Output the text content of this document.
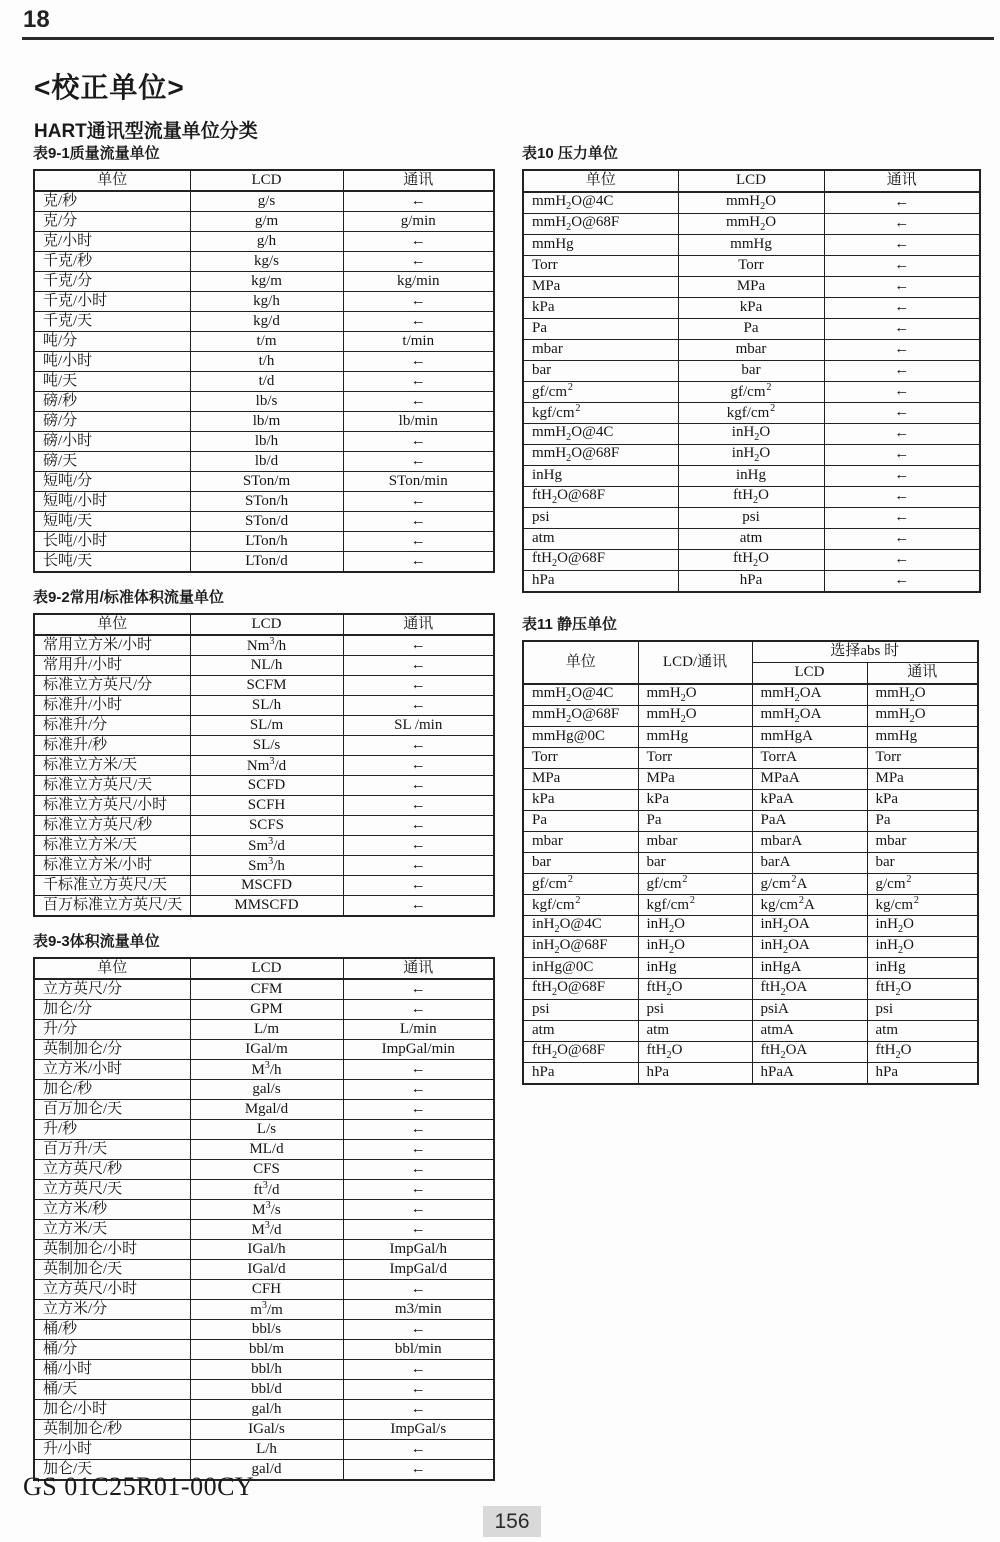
18
<校正单位>
HART通讯型流量单位分类
表9-1质量流量单位
单位	LCD	通讯
克/秒	g/s	←
克/分	g/m	g/min
克/小时	g/h	←
千克/秒	kg/s	←
千克/分	kg/m	kg/min
千克/小时	kg/h	←
千克/天	kg/d	←
吨/分	t/m	t/min
吨/小时	t/h	←
吨/天	t/d	←
磅/秒	lb/s	←
磅/分	lb/m	lb/min
磅/小时	lb/h	←
磅/天	lb/d	←
短吨/分	STon/m	STon/min
短吨/小时	STon/h	←
短吨/天	STon/d	←
长吨/小时	LTon/h	←
长吨/天	LTon/d	←
表9-2常用/标准体积流量单位
单位	LCD	通讯
常用立方米/小时	Nm$^3$/h	←
常用升/小时	NL/h	←
标准立方英尺/分	SCFM	←
标准升/小时	SL/h	←
标准升/分	SL/m	SL /min
标准升/秒	SL/s	←
标准立方米/天	Nm$^3$/d	←
标准立方英尺/天	SCFD	←
标准立方英尺/小时	SCFH	←
标准立方英尺/秒	SCFS	←
标准立方米/天	Sm$^3$/d	←
标准立方米/小时	Sm$^3$/h	←
千标准立方英尺/天	MSCFD	←
百万标准立方英尺/天	MMSCFD	←
表9-3体积流量单位
单位	LCD	通讯
立方英尺/分	CFM	←
加仑/分	GPM	←
升/分	L/m	L/min
英制加仑/分	IGal/m	ImpGal/min
立方米/小时	$M^3/h$	←
加仑/秒	gal/s	←
百万加仑/天	Mgal/d	←
升/秒	L/s	←
百万升/天	ML/d	←
立方英尺/秒	CFS	←
立方英尺/天	$ft^3/d$	←
立方米/秒	$M^3/s$	←
立方米/天	$M^3/d$	←
英制加仑/小时	IGal/h	ImpGal/h
英制加仑/天	IGal/d	ImpGal/d
立方英尺/小时	CFH	←
立方米/分	$m^3/m$	m3/min
桶/秒	bbl/s	←
桶/分	bbl/m	bbl/min
桶/小时	bbl/h	←
桶/天	bbl/d	←
加仑/小时	gal/h	←
英制加仑/秒	IGal/s	ImpGal/s
升/小时	L/h	←
加仑/天	gal/d	←
表10 压力单位
单位	LCD	通讯
mmH$_2$O@4C	mmH$_2$O	←
mmH$_2$O@68F	mmH$_2$O	←
mmHg	mmHg	←
Torr	Torr	←
MPa	MPa	←
kPa	kPa	←
Pa	Pa	←
mbar	mbar	←
bar	bar	←
gf/cm $^2$	gf/cm $^2$	←
kgf/cm $^2$	kgf/cm $^2$	←
mmH$_2$O@4C	inH$_2$O	←
mmH$_2$O@68F	inH$_2$O	←
inHg	inHg	←
ftH$_2$O@68F	ftH$_2$O	←
psi	psi	←
atm	atm	←
ftH$_2$O@68F	ftH$_2$O	←
hPa	hPa	←
表11 静压单位
单位	LCD/通讯	选择abs 时	
		LCD	通讯
mmH$_2$O@4C	mmH$_2$O	mmH$_2$OA	mmH$_2$O
mmH$_2$O@68F	mmH$_2$O	mmH$_2$OA	mmH$_2$O
mmHg@0C	mmHg	mmHgA	mmHg
Torr	Torr	TorrA	Torr
MPa	MPa	MPaA	MPa
kPa	kPa	kPaA	kPa
Pa	Pa	PaA	Pa
mbar	mbar	mbarA	mbar
bar	bar	barA	bar
gf/cm $^2$	gf/cm $^2$	g/cm $^2$A	g/cm $^2$
kgf/cm $^2$	kgf/cm $^2$	kg/cm $^2$A	kg/cm $^2$
inH$_2$O@4C	inH$_2$O	inH$_2$OA	inH$_2$O
inH$_2$O@68F	inH$_2$O	inH$_2$OA	inH$_2$O
inHg@0C	inHg	inHgA	inHg
ftH$_2$O@68F	ftH$_2$O	ftH$_2$OA	ftH$_2$O
psi	psi	psiA	psi
atm	atm	atmA	atm
ftH$_2$O@68F	ftH$_2$O	ftH$_2$OA	ftH$_2$O
hPa	hPa	hPaA	hPa
GS 01C25R01-00CY
156
